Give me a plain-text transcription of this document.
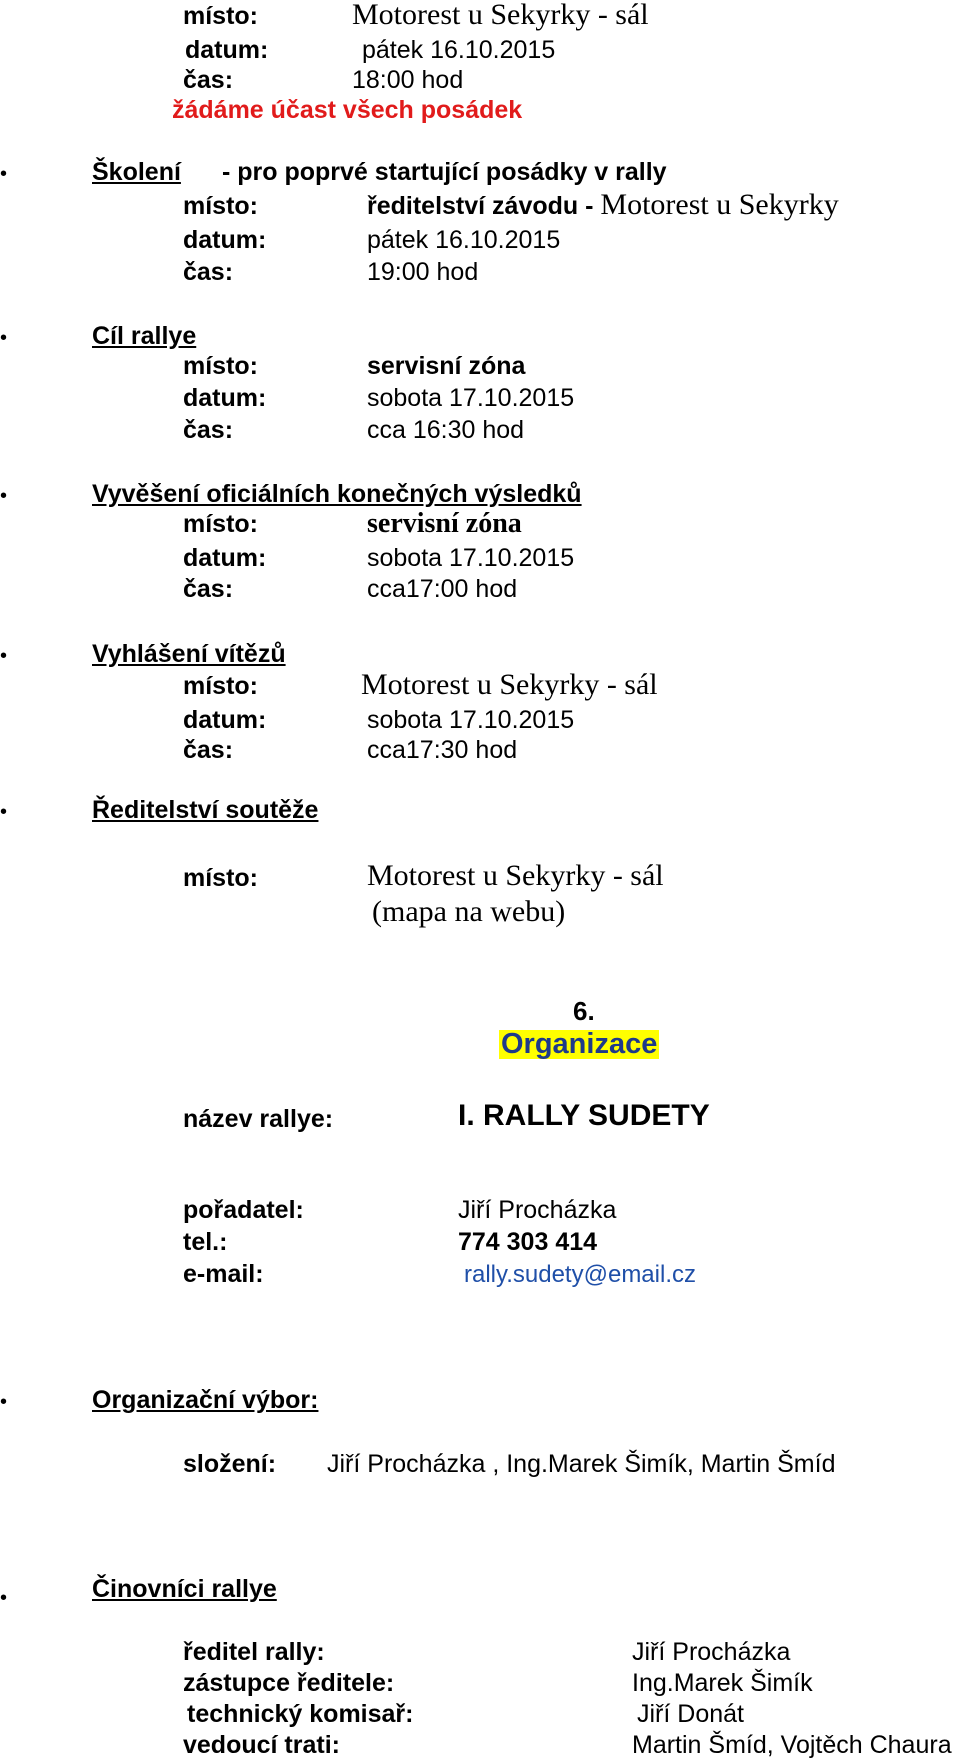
místo:	Motorest u Sekyrky - sál
datum:	pátek 16.10.2015
čas:	18:00 hod
žádáme účast všech posádek
•	Školení - pro poprvé startující posádky v rally
místo:	ředitelství závodu - Motorest u Sekyrky
datum:	pátek 16.10.2015
čas:	19:00 hod
•	Cíl rallye
místo:	servisní zóna
datum:	sobota 17.10.2015
čas:	cca 16:30 hod
•	Vyvěšení oficiálních konečných výsledků
místo:	servisní zóna
datum:	sobota 17.10.2015
čas:	cca17:00 hod
•	Vyhlášení vítězů
místo:	Motorest u Sekyrky - sál
datum:	sobota 17.10.2015
čas:	cca17:30 hod
•	Ředitelství soutěže
místo:	Motorest u Sekyrky - sál
(mapa na webu)
6.
Organizace
název rallye:	I. RALLY SUDETY
pořadatel:	Jiří Procházka
tel.:	774 303 414
e-mail:	rally.sudety@email.cz
•	Organizační výbor:
složení: Jiří Procházka , Ing.Marek Šimík, Martin Šmíd
•	Činovníci rallye
ředitel rally:	Jiří Procházka
zástupce ředitele:	Ing.Marek Šimík
technický komisař:	Jiří Donát
vedoucí trati:	Martin Šmíd, Vojtěch Chaura
